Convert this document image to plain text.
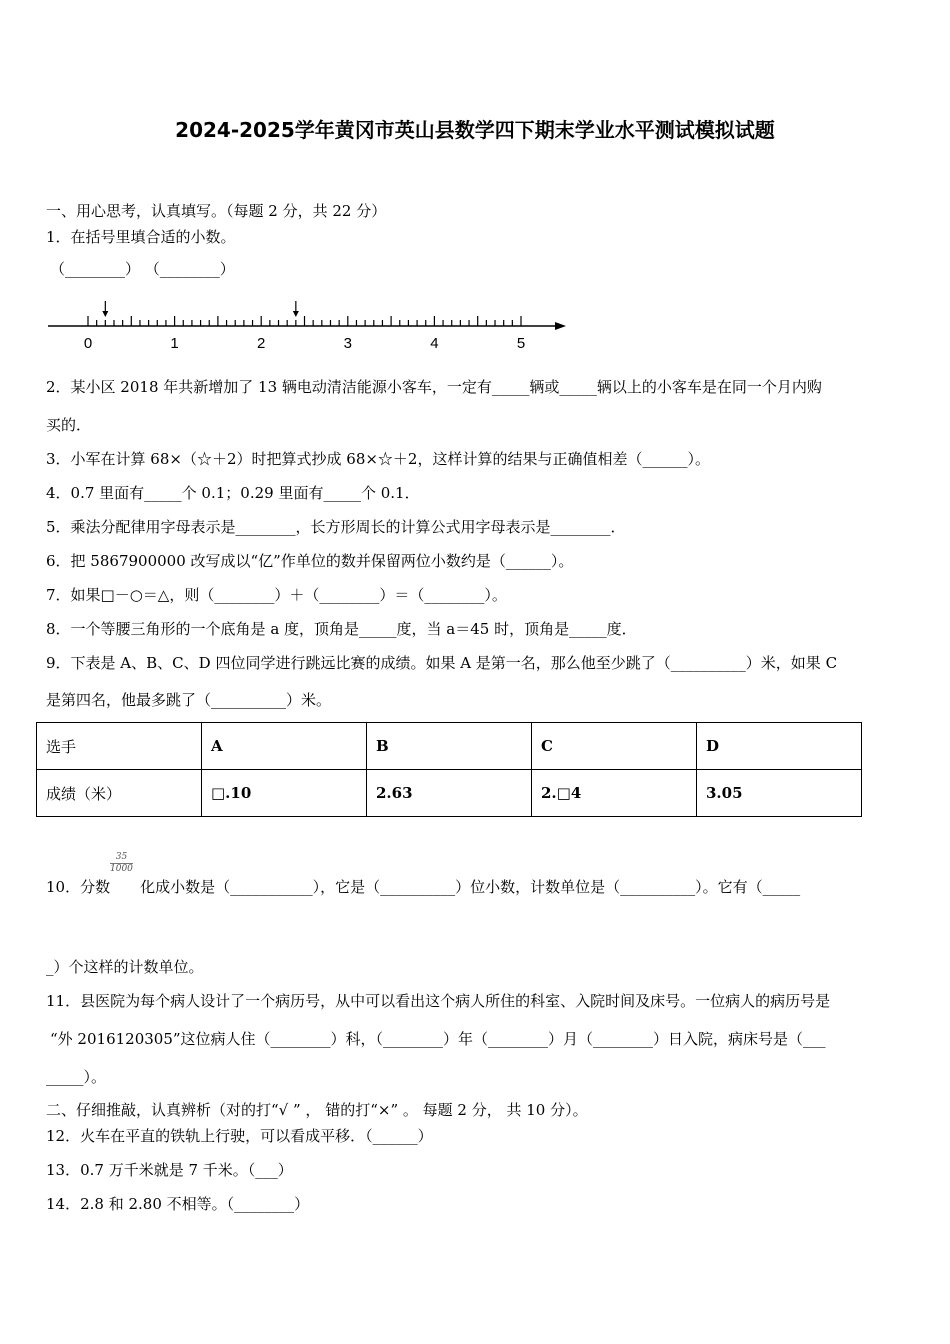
2024-2025学年黄冈市英山县数学四下期末学业水平测试模拟试题
一、用心思考，认真填写。（每题 2 分，共 22 分）
1．在括号里填合适的小数。
（________） （________）
0	1	2	3	4	5
2．某小区 2018 年共新增加了 13 辆电动清洁能源小客车，一定有_____辆或_____辆以上的小客车是在同一个月内购
买的．
3．小军在计算 68×（☆＋2）时把算式抄成 68×☆＋2，这样计算的结果与正确值相差（______）。
4．0.7 里面有_____个 0.1；0.29 里面有_____个 0.1．
5．乘法分配律用字母表示是________，长方形周长的计算公式用字母表示是________．
6．把 5867900000 改写成以“亿”作单位的数并保留两位小数约是（______）。
7．如果□－○＝△，则（________）＋（________）＝（________）。
8．一个等腰三角形的一个底角是 a 度，顶角是_____度，当 a＝45 时，顶角是_____度．
9．下表是 A、B、C、D 四位同学进行跳远比赛的成绩。如果 A 是第一名，那么他至少跳了（__________）米，如果 C
是第四名，他最多跳了（__________）米。
选手	A	B	C	D
成绩（米）	□.10	2.63	2.□4	3.05
$\frac{35}{1000}$
10．分数 化成小数是（___________），它是（__________）位小数，计数单位是（__________）。它有（_____
_）个这样的计数单位。
11．县医院为每个病人设计了一个病历号，从中可以看出这个病人所住的科室、入院时间及床号。一位病人的病历号是
“外 2016120305”这位病人住（________）科，（________）年（________）月（________）日入院，病床号是（___
_____）。
二、仔细推敲，认真辨析（对的打“√ ” ， 错的打“×” 。 每题 2 分， 共 10 分）。
12．火车在平直的铁轨上行驶，可以看成平移．（______）
13．0.7 万千米就是 7 千米。（___）
14．2.8 和 2.80 不相等。（________）
